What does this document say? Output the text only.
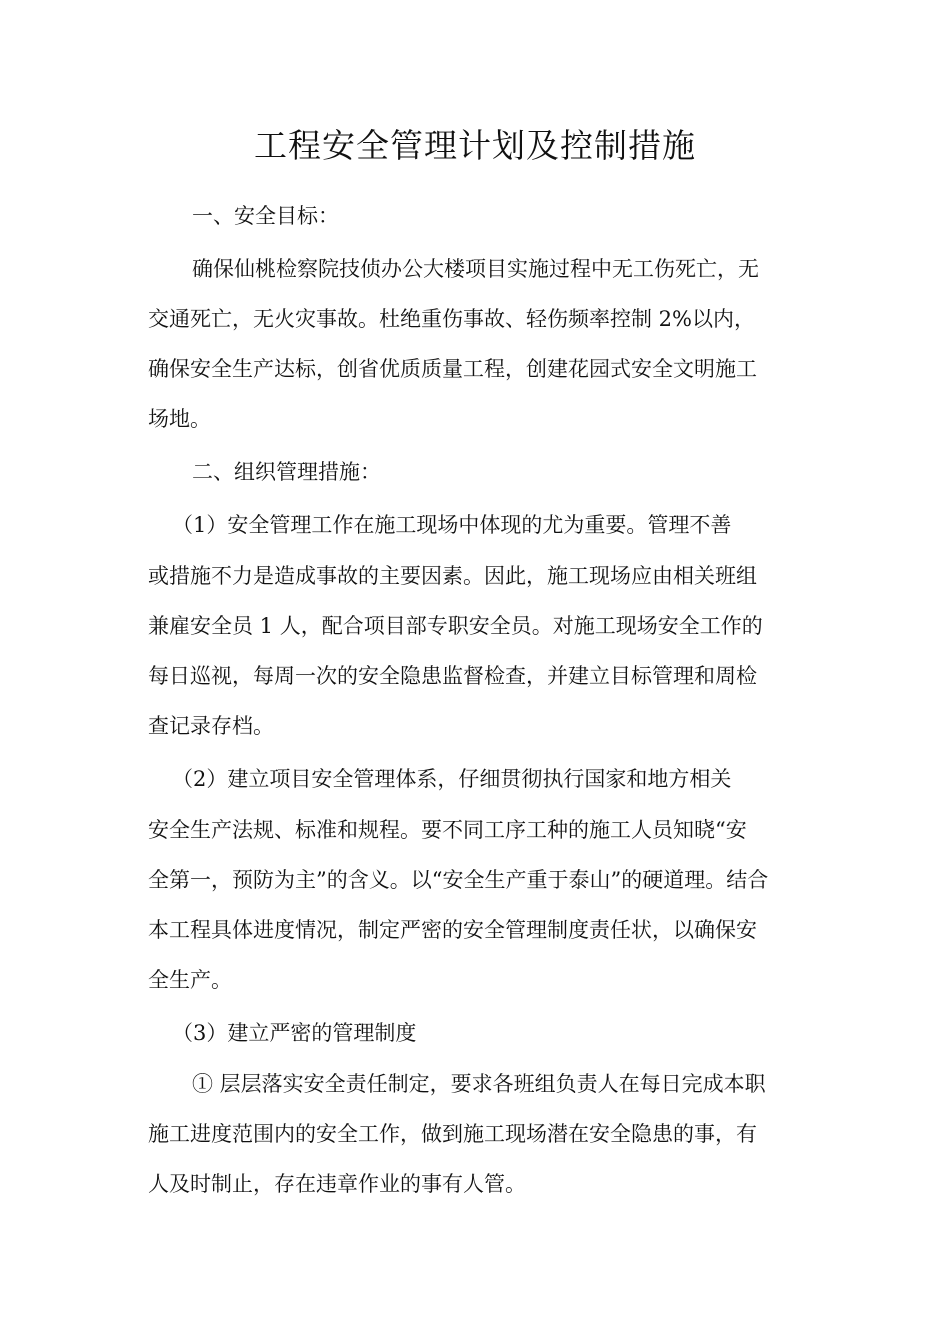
工程安全管理计划及控制措施
一、安全目标：
确保仙桃检察院技侦办公大楼项目实施过程中无工伤死亡，无
交通死亡，无火灾事故。杜绝重伤事故、轻伤频率控制 2%以内，
确保安全生产达标，创省优质质量工程，创建花园式安全文明施工
场地。
二、组织管理措施：
（1）安全管理工作在施工现场中体现的尤为重要。管理不善
或措施不力是造成事故的主要因素。因此，施工现场应由相关班组
兼雇安全员 1 人，配合项目部专职安全员。对施工现场安全工作的
每日巡视，每周一次的安全隐患监督检查，并建立目标管理和周检
查记录存档。
（2）建立项目安全管理体系，仔细贯彻执行国家和地方相关
安全生产法规、标准和规程。要不同工序工种的施工人员知晓“安
全第一，预防为主”的含义。以“安全生产重于泰山”的硬道理。结合
本工程具体进度情况，制定严密的安全管理制度责任状，以确保安
全生产。
（3）建立严密的管理制度
① 层层落实安全责任制定，要求各班组负责人在每日完成本职
施工进度范围内的安全工作，做到施工现场潜在安全隐患的事，有
人及时制止，存在违章作业的事有人管。
